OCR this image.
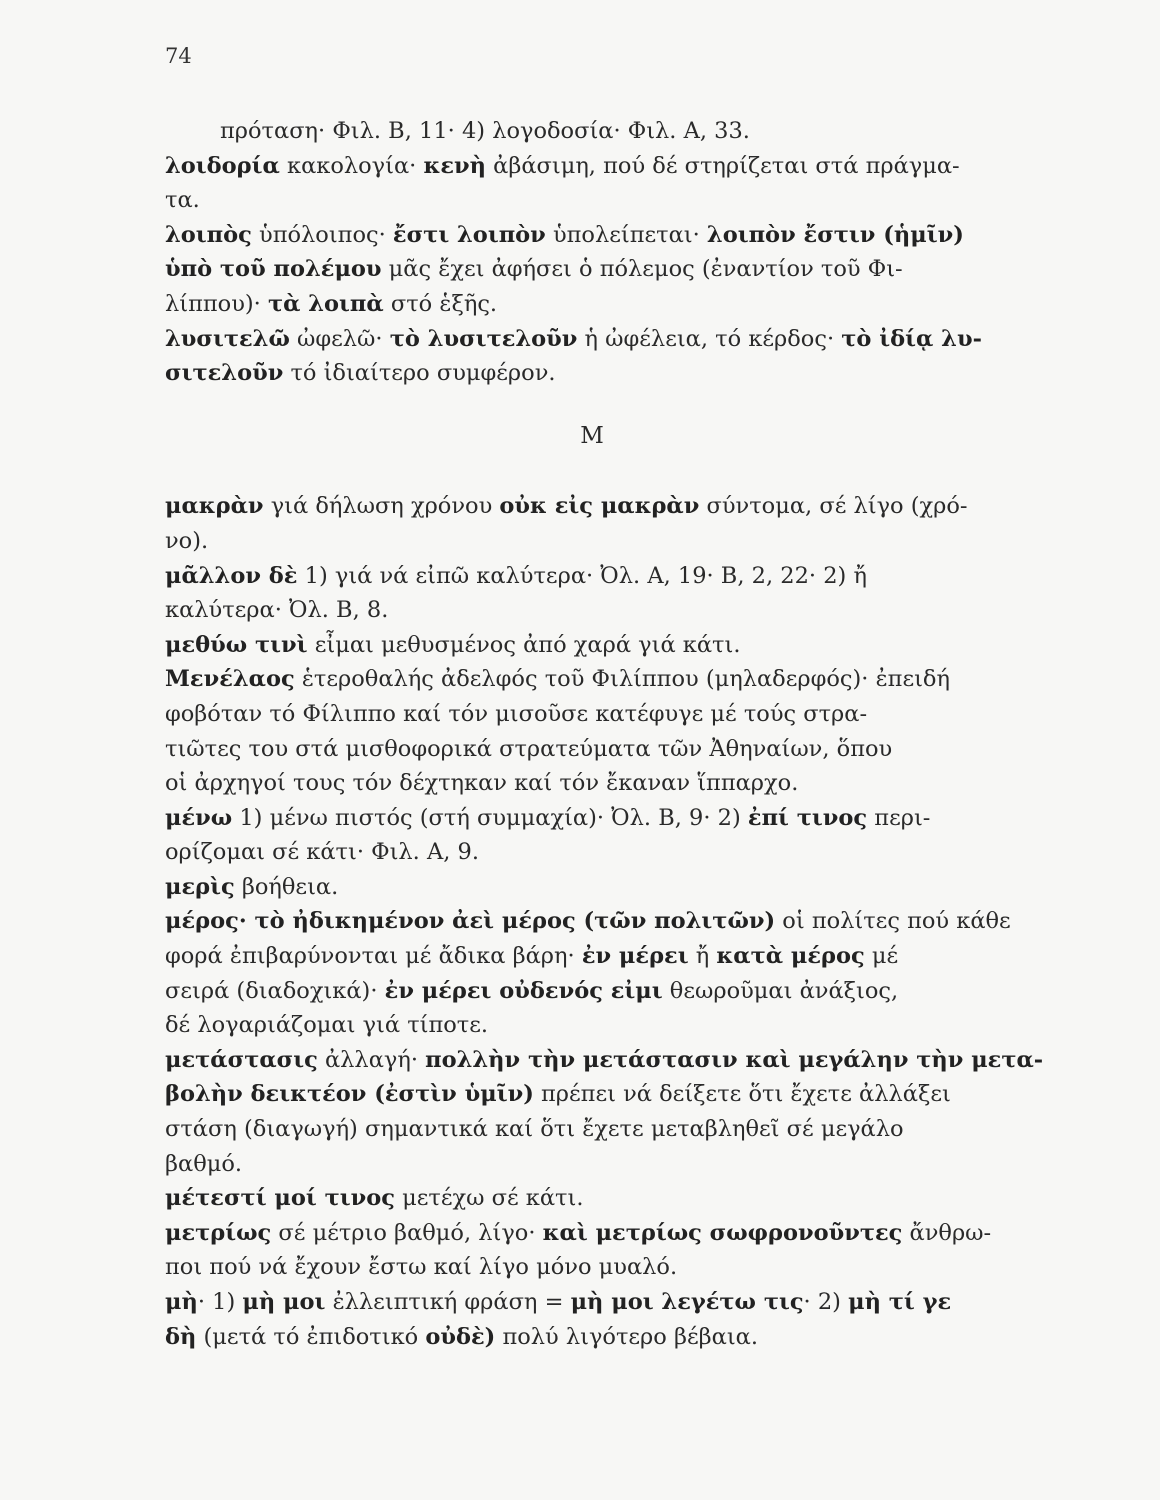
74
πρόταση· Φιλ. Β, 11· 4) λογοδοσία· Φιλ. Α, 33.
λοιδορία κακολογία· κενὴ ἀβάσιμη, πού δέ στηρίζεται στά πράγμα-
τα.
λοιπὸς ὑπόλοιπος· ἔστι λοιπὸν ὑπολείπεται· λοιπὸν ἔστιν (ἡμῖν)
ὑπὸ τοῦ πολέμου μᾶς ἔχει ἀφήσει ὁ πόλεμος (ἐναντίον τοῦ Φι-
λίππου)· τὰ λοιπὰ στό ἑξῆς.
λυσιτελῶ ὠφελῶ· τὸ λυσιτελοῦν ἡ ὠφέλεια, τό κέρδος· τὸ ἰδίᾳ λυ-
σιτελοῦν τό ἰδιαίτερο συμφέρον.
Μ
μακρὰν γιά δήλωση χρόνου οὐκ εἰς μακρὰν σύντομα, σέ λίγο (χρό-
νο).
μᾶλλον δὲ 1) γιά νά εἰπῶ καλύτερα· Ὀλ. Α, 19· Β, 2, 22· 2) ἤ
καλύτερα· Ὀλ. Β, 8.
μεθύω τινὶ εἶμαι μεθυσμένος ἀπό χαρά γιά κάτι.
Μενέλαος ἑτεροθαλής ἀδελφός τοῦ Φιλίππου (μηλαδερφός)· ἐπειδή
φοβόταν τό Φίλιππο καί τόν μισοῦσε κατέφυγε μέ τούς στρα-
τιῶτες του στά μισθοφορικά στρατεύματα τῶν Ἀθηναίων, ὅπου
οἱ ἀρχηγοί τους τόν δέχτηκαν καί τόν ἔκαναν ἵππαρχο.
μένω 1) μένω πιστός (στή συμμαχία)· Ὀλ. Β, 9· 2) ἐπί τινος περι-
ορίζομαι σέ κάτι· Φιλ. Α, 9.
μερὶς βοήθεια.
μέρος· τὸ ἠδικημένον ἀεὶ μέρος (τῶν πολιτῶν) οἱ πολίτες πού κάθε
φορά ἐπιβαρύνονται μέ ἄδικα βάρη· ἐν μέρει ἤ κατὰ μέρος μέ
σειρά (διαδοχικά)· ἐν μέρει οὐδενός εἰμι θεωροῦμαι ἀνάξιος,
δέ λογαριάζομαι γιά τίποτε.
μετάστασις ἀλλαγή· πολλὴν τὴν μετάστασιν καὶ μεγάλην τὴν μετα-
βολὴν δεικτέον (ἐστὶν ὑμῖν) πρέπει νά δείξετε ὅτι ἔχετε ἀλλάξει
στάση (διαγωγή) σημαντικά καί ὅτι ἔχετε μεταβληθεῖ σέ μεγάλο
βαθμό.
μέτεστί μοί τινος μετέχω σέ κάτι.
μετρίως σέ μέτριο βαθμό, λίγο· καὶ μετρίως σωφρονοῦντες ἄνθρω-
ποι πού νά ἔχουν ἔστω καί λίγο μόνο μυαλό.
μὴ· 1) μὴ μοι ἐλλειπτική φράση = μὴ μοι λεγέτω τις· 2) μὴ τί γε
δὴ (μετά τό ἐπιδοτικό οὐδὲ) πολύ λιγότερο βέβαια.
